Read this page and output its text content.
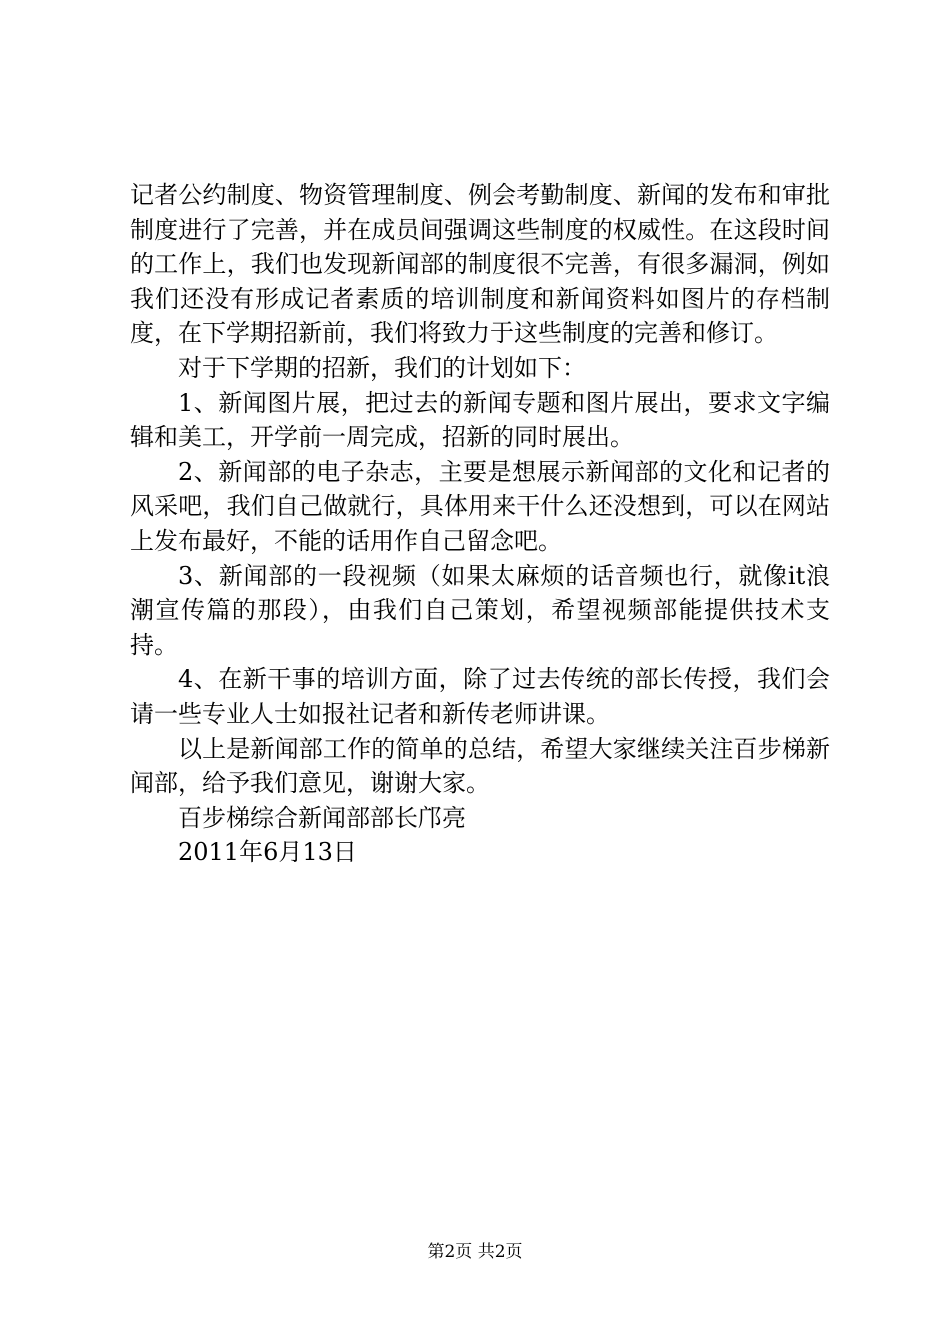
记者公约制度、物资管理制度、例会考勤制度、新闻的发布和审批制度进行了完善，并在成员间强调这些制度的权威性。在这段时间的工作上，我们也发现新闻部的制度很不完善，有很多漏洞，例如我们还没有形成记者素质的培训制度和新闻资料如图片的存档制度，在下学期招新前，我们将致力于这些制度的完善和修订。

对于下学期的招新，我们的计划如下：

1、新闻图片展，把过去的新闻专题和图片展出，要求文字编辑和美工，开学前一周完成，招新的同时展出。

2、新闻部的电子杂志，主要是想展示新闻部的文化和记者的风采吧，我们自己做就行，具体用来干什么还没想到，可以在网站上发布最好，不能的话用作自己留念吧。

3、新闻部的一段视频（如果太麻烦的话音频也行，就像it浪潮宣传篇的那段），由我们自己策划，希望视频部能提供技术支持。

4、在新干事的培训方面，除了过去传统的部长传授，我们会请一些专业人士如报社记者和新传老师讲课。

以上是新闻部工作的简单的总结，希望大家继续关注百步梯新闻部，给予我们意见，谢谢大家。

百步梯综合新闻部部长邝亮

2011年6月13日

第2页 共2页
